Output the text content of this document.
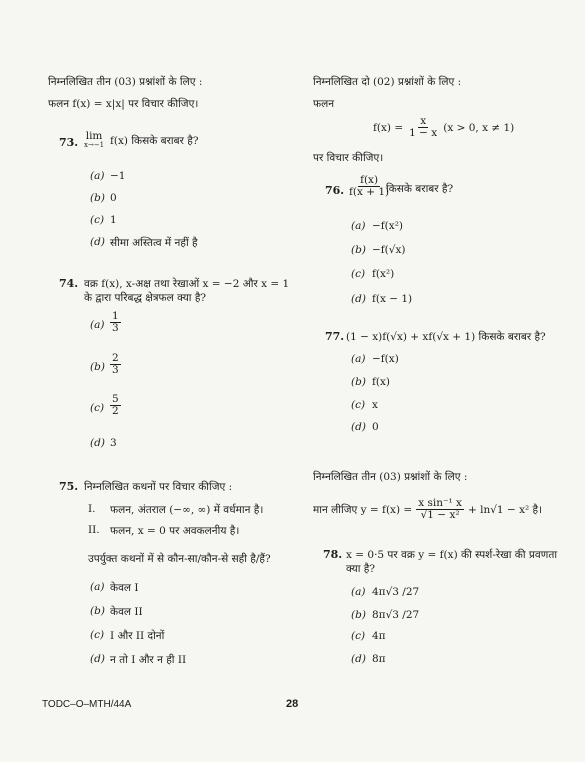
निम्नलिखित तीन (03) प्रश्नांशों के लिए :
फलन f(x) = x|x| पर विचार कीजिए।
73. lim
x→−1 f(x) किसके बराबर है?
(a) −1
(b) 0
(c) 1
(d) सीमा अस्तित्व में नहीं है
74. वक्र f(x), x-अक्ष तथा रेखाओं x = −2 और x = 1
के द्वारा परिबद्ध क्षेत्रफल क्या है?
$(a) \frac{1}{3}$
$(b) \frac{2}{3}$
$(c) \frac{5}{2}$
(d) 3
75. निम्नलिखित कथनों पर विचार कीजिए :
I. फलन, अंतराल (−∞, ∞) में वर्धमान है।
II. फलन, x = 0 पर अवकलनीय है।
उपर्युक्त कथनों में से कौन-सा/कौन-से सही है/हैं?
(a) केवल I
(b) केवल II
(c) I और II दोनों
(d) न तो I और न ही II
निम्नलिखित दो (02) प्रश्नांशों के लिए :
फलन
$f(x) = \frac{x}{1 - x} (x > 0$, x ≠ 1)
पर विचार कीजिए।
76. $\frac{f(x)}{f(x + 1)}$
किसके बराबर है?
(a) −f(x²)
(b) −f(√x)
(c) f(x²)
(d) f(x − 1)
77. (1 − x)f(√x) + xf(√x + 1) किसके बराबर है?
(a) −f(x)
(b) f(x)
(c) x
(d) 0
निम्नलिखित तीन (03) प्रश्नांशों के लिए :
मान लीजिए $y = f(x) = \frac{\text{x sin⁻¹ x}}{\text{√1 − x²}} + \ln√1 - x^2$ है।
78. x = 0·5 पर वक्र y = f(x) की स्पर्श-रेखा की प्रवणता
क्या है?
(a) 4π√3 /27
(b) 8π√3 /27
(c) 4π
(d) 8π
TODC–O–MTH/44A	28
